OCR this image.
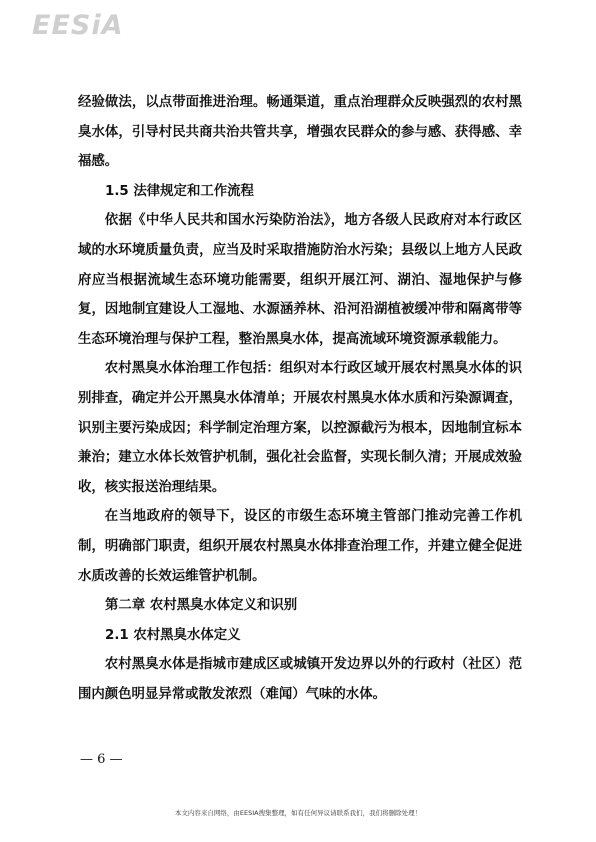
EESiA

经验做法，以点带面推进治理。畅通渠道，重点治理群众反映强烈的农村黑臭水体，引导村民共商共治共管共享，增强农民群众的参与感、获得感、幸福感。

1.5 法律规定和工作流程

依据《中华人民共和国水污染防治法》，地方各级人民政府对本行政区域的水环境质量负责，应当及时采取措施防治水污染；县级以上地方人民政府应当根据流域生态环境功能需要，组织开展江河、湖泊、湿地保护与修复，因地制宜建设人工湿地、水源涵养林、沿河沿湖植被缓冲带和隔离带等生态环境治理与保护工程，整治黑臭水体，提高流域环境资源承载能力。

农村黑臭水体治理工作包括：组织对本行政区域开展农村黑臭水体的识别排查，确定并公开黑臭水体清单；开展农村黑臭水体水质和污染源调查，识别主要污染成因；科学制定治理方案，以控源截污为根本，因地制宜标本兼治；建立水体长效管护机制，强化社会监督，实现长制久清；开展成效验收，核实报送治理结果。

在当地政府的领导下，设区的市级生态环境主管部门推动完善工作机制，明确部门职责，组织开展农村黑臭水体排查治理工作，并建立健全促进水质改善的长效运维管护机制。

第二章 农村黑臭水体定义和识别

2.1 农村黑臭水体定义

农村黑臭水体是指城市建成区或城镇开发边界以外的行政村（社区）范围内颜色明显异常或散发浓烈（难闻）气味的水体。

— 6 —
本文内容来自网络，由EESIA搜集整理，如有任何异议请联系我们，我们将删除处理！
